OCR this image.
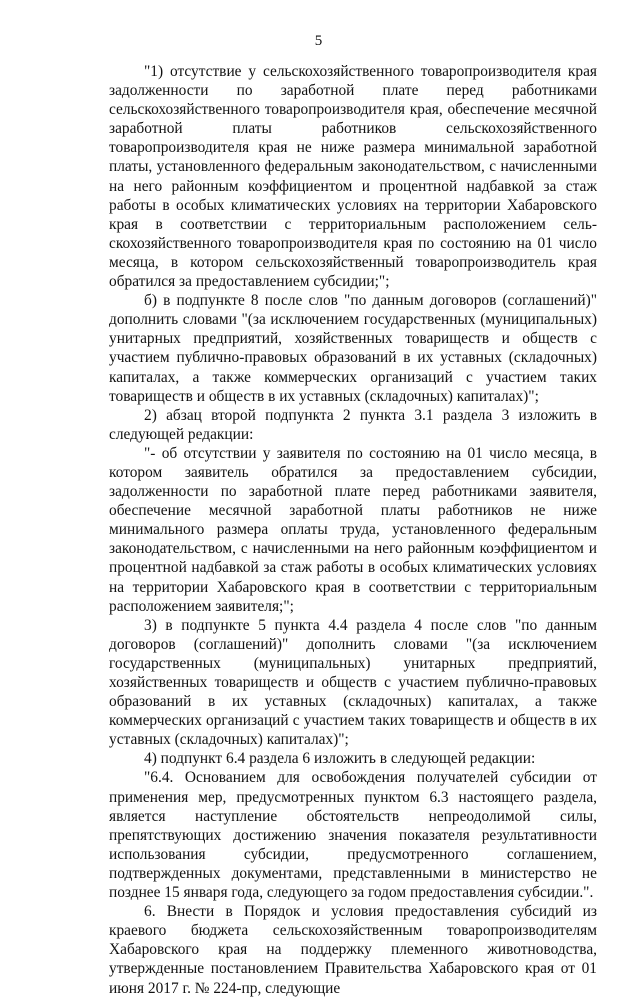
5

"1) отсутствие у сельскохозяйственного товаропроизводителя края задолженности по заработной плате перед работниками сельскохозяйственного товаропроизводителя края, обеспечение месячной заработной платы работников сельскохозяйственного товаропроизводителя края не ниже размера минимальной заработной платы, установленного федеральным законодательством, с начисленными на него районным коэффициентом и процентной надбавкой за стаж работы в особых климатических условиях на территории Хабаровского края в соответствии с территориальным расположением сельскохозяйственного товаропроизводителя края по состоянию на 01 число месяца, в котором сельскохозяйственный товаропроизводитель края обратился за предоставлением субсидии;";

б) в подпункте 8 после слов "по данным договоров (соглашений)" дополнить словами "(за исключением государственных (муниципальных) унитарных предприятий, хозяйственных товариществ и обществ с участием публично-правовых образований в их уставных (складочных) капиталах, а также коммерческих организаций с участием таких товариществ и обществ в их уставных (складочных) капиталах)";

2) абзац второй подпункта 2 пункта 3.1 раздела 3 изложить в следующей редакции:

"- об отсутствии у заявителя по состоянию на 01 число месяца, в котором заявитель обратился за предоставлением субсидии, задолженности по заработной плате перед работниками заявителя, обеспечение месячной заработной платы работников не ниже минимального размера оплаты труда, установленного федеральным законодательством, с начисленными на него районным коэффициентом и процентной надбавкой за стаж работы в особых климатических условиях на территории Хабаровского края в соответствии с территориальным расположением заявителя;";

3) в подпункте 5 пункта 4.4 раздела 4 после слов "по данным договоров (соглашений)" дополнить словами "(за исключением государственных (муниципальных) унитарных предприятий, хозяйственных товариществ и обществ с участием публично-правовых образований в их уставных (складочных) капиталах, а также коммерческих организаций с участием таких товариществ и обществ в их уставных (складочных) капиталах)";

4) подпункт 6.4 раздела 6 изложить в следующей редакции:

"6.4. Основанием для освобождения получателей субсидии от применения мер, предусмотренных пунктом 6.3 настоящего раздела, является наступление обстоятельств непреодолимой силы, препятствующих достижению значения показателя результативности использования субсидии, предусмотренного соглашением, подтвержденных документами, представленными в министерство не позднее 15 января года, следующего за годом предоставления субсидии.".

6. Внести в Порядок и условия предоставления субсидий из краевого бюджета сельскохозяйственным товаропроизводителям Хабаровского края на поддержку племенного животноводства, утвержденные постановлением Правительства Хабаровского края от 01 июня 2017 г. № 224-пр, следующие
